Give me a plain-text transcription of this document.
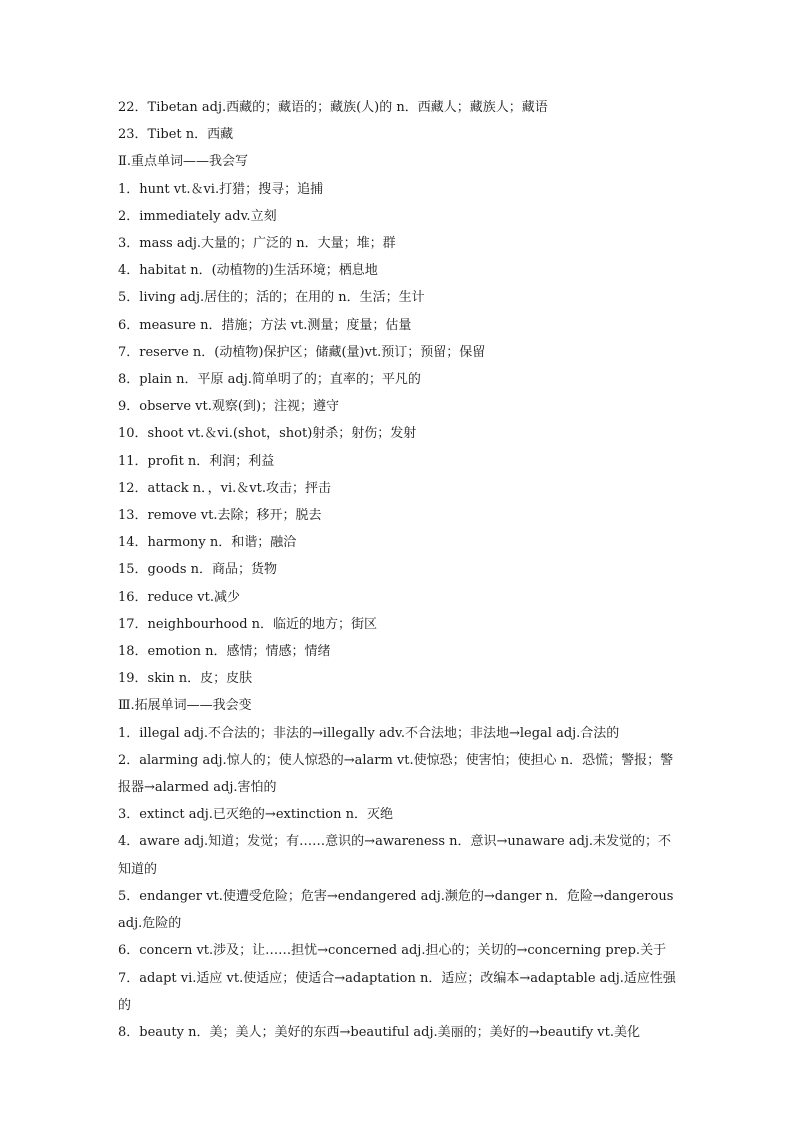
22．Tibetan adj.西藏的；藏语的；藏族(人)的 n．西藏人；藏族人；藏语
23．Tibet n．西藏
Ⅱ.重点单词——我会写
1．hunt vt.＆vi.打猎；搜寻；追捕
2．immediately adv.立刻
3．mass adj.大量的；广泛的 n．大量；堆；群
4．habitat n．(动植物的)生活环境；栖息地
5．living adj.居住的；活的；在用的 n．生活；生计
6．measure n．措施；方法 vt.测量；度量；估量
7．reserve n．(动植物)保护区；储藏(量)vt.预订；预留；保留
8．plain n．平原 adj.简单明了的；直率的；平凡的
9．observe vt.观察(到)；注视；遵守
10．shoot vt.＆vi.(shot，shot)射杀；射伤；发射
11．profit n．利润；利益
12．attack n．，vi.＆vt.攻击；抨击
13．remove vt.去除；移开；脱去
14．harmony n．和谐；融洽
15．goods n．商品；货物
16．reduce vt.减少
17．neighbourhood n．临近的地方；街区
18．emotion n．感情；情感；情绪
19．skin n．皮；皮肤
Ⅲ.拓展单词——我会变
1．illegal adj.不合法的；非法的→illegally adv.不合法地；非法地→legal adj.合法的
2．alarming adj.惊人的；使人惊恐的→alarm vt.使惊恐；使害怕；使担心 n．恐慌；警报；警报器→alarmed adj.害怕的
3．extinct adj.已灭绝的→extinction n．灭绝
4．aware adj.知道；发觉；有……意识的→awareness n．意识→unaware adj.未发觉的；不知道的
5．endanger vt.使遭受危险；危害→endangered adj.濒危的→danger n．危险→dangerous adj.危险的
6．concern vt.涉及；让……担忧→concerned adj.担心的；关切的→concerning prep.关于
7．adapt vi.适应 vt.使适应；使适合→adaptation n．适应；改编本→adaptable adj.适应性强的
8．beauty n．美；美人；美好的东西→beautiful adj.美丽的；美好的→beautify vt.美化
